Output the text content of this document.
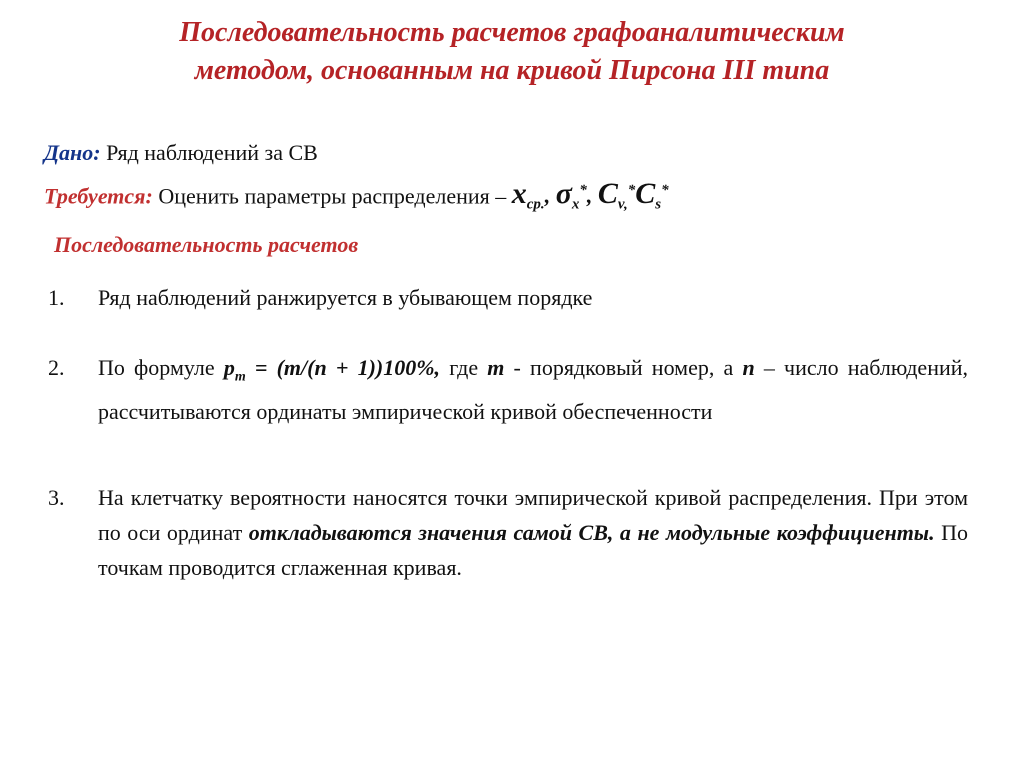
Последовательность расчетов графоаналитическим
методом, основанным на кривой Пирсона III типа
Дано: Ряд наблюдений за СВ
Требуется: Оценить параметры распределения – $x_{ср.}$, $\sigma_x^*$, $C_{v,}^*C_s^*$
Последовательность расчетов
1. Ряд наблюдений ранжируется в убывающем порядке
2. По формуле $p_m = (m/(n + 1))100\%$, где m - порядковый номер, а n – число наблюдений, рассчитываются ординаты эмпирической кривой обеспеченности
3. На клетчатку вероятности наносятся точки эмпирической кривой распределения. При этом по оси ординат откладываются значения самой СВ, а не модульные коэффициенты. По точкам проводится сглаженная кривая.
